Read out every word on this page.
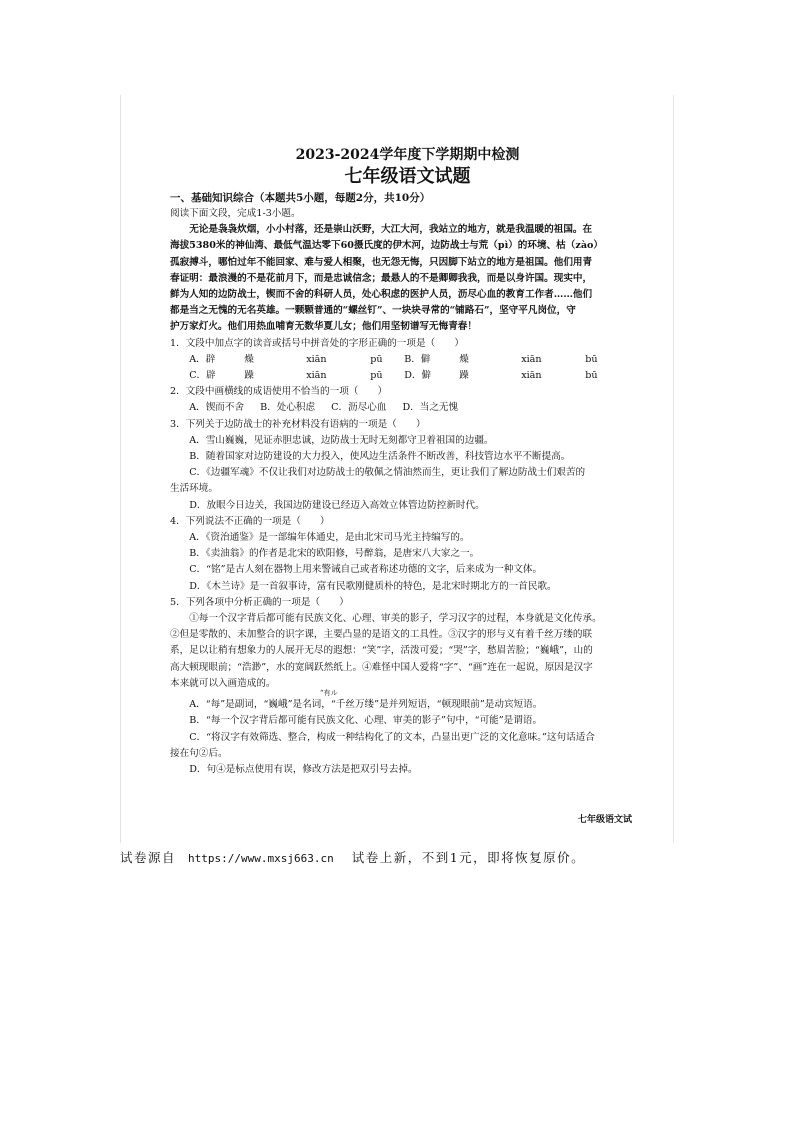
2023-2024学年度下学期期中检测
七年级语文试题
一、基础知识综合（本题共5小题，每题2分，共10分）

阅读下面文段，完成1-3小题。

无论是袅袅炊烟，小小村落，还是崇山沃野，大江大河，我站立的地方，就是我温暖的祖国。在

海拔5380米的神仙湾、最低气温达零下60摄氏度的伊木河，边防战士与荒（pì）的环境、枯（zào）

孤寂搏斗，哪怕过年不能回家、难与爱人相聚，也无怨无悔，只因脚下站立的地方是祖国。他们用青

春证明：最浪漫的不是花前月下，而是忠诚信念；最悬人的不是卿卿我我，而是以身许国。现实中，

鲜为人知的边防战士，锲而不舍的科研人员，处心积虑的医护人员，沥尽心血的教育工作者……他们

都是当之无愧的无名英雄。一颗颗普通的“螺丝钉”、一块块寻常的“铺路石”，坚守平凡岗位，守

护万家灯火。他们用热血哺育无数华夏儿女；他们用坚韧谱写无悔青春！

1．文段中加点字的读音或括号中拼音处的字形正确的一项是（　　）

A．辟	燥	xiān	pū	B．僻	燥	xiān	bū
C．辟	躁	xiān	pū	D．僻	躁	xiān	bū

2．文段中画横线的成语使用不恰当的一项（　　）

A．锲而不舍 B．处心积虑 C．沥尽心血 D．当之无愧

3．下列关于边防战士的补充材料没有语病的一项是（　　）

A．雪山巍巍，见证赤胆忠诚，边防战士无时无刻都守卫着祖国的边疆。

B．随着国家对边防建设的大力投入，使风边生活条件不断改善，科技管边水平不断提高。

C．《边疆军魂》不仅让我们对边防战士的敬佩之情油然而生，更让我们了解边防战士们艰苦的

生活环境。

D．放眼今日边关，我国边防建设已经迈入高效立体管边防控新时代。

4．下列说法不正确的一项是（　　）

A．《资治通鉴》是一部编年体通史，是由北宋司马光主持编写的。

B．《卖油翁》的作者是北宋的欧阳修，号醉翁，是唐宋八大家之一。

C．“铭”是古人刻在器物上用来警诫自己或者称述功德的文字，后来成为一种文体。

D．《木兰诗》是一首叙事诗，富有民歌刚健质朴的特色，是北宋时期北方的一首民歌。

5．下列各项中分析正确的一项是（　　）

①每一个汉字背后都可能有民族文化、心理、审美的影子，学习汉字的过程，本身就是文化传承。

②但是零散的、未加整合的识字课，主要凸显的是语文的工具性。③汉字的形与义有着千丝万缕的联

系，足以让稍有想象力的人展开无尽的遐想：“笑”字，活泼可爱；“哭”字，愁眉苦脸；“巍峨”，山的

高大顿现眼前；“浩渺”，水的宽阔跃然纸上。④难怪中国人爱将“字”、“画”连在一起说，原因是汉字

本来就可以入画造成的。

“有ル

A．“每”是副词，“巍峨”是名词，“千丝万缕”是并列短语，“顿现眼前”是动宾短语。

B．“每一个汉字背后都可能有民族文化、心理、审美的影子”句中，“可能”是谓语。

C．“将汉字有效筛选、整合，构成一种结构化了的文本，凸显出更广泛的文化意味。”这句话适合

接在句②后。

D．句④是标点使用有误，修改方法是把双引号去掉。

七年级语文试
试卷源自 https://www.mxsj663.cn 试卷上新，不到1元，即将恢复原价。
